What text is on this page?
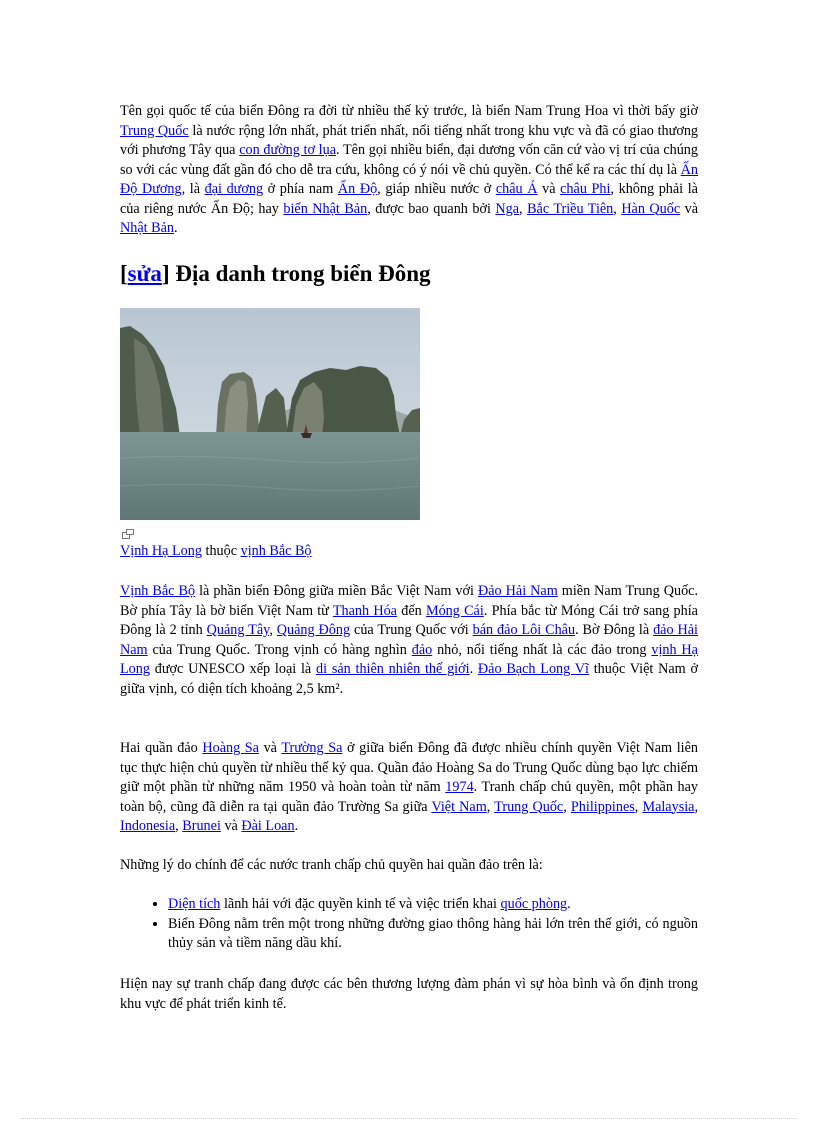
Tên gọi quốc tế của biển Đông ra đời từ nhiều thế kỷ trước, là biển Nam Trung Hoa vì thời bấy giờ Trung Quốc là nước rộng lớn nhất, phát triển nhất, nổi tiếng nhất trong khu vực và đã có giao thương với phương Tây qua con đường tơ lụa. Tên gọi nhiều biển, đại dương vốn căn cứ vào vị trí của chúng so với các vùng đất gần đó cho dễ tra cứu, không có ý nói về chủ quyền. Có thể kể ra các thí dụ là Ấn Độ Dương, là đại dương ở phía nam Ấn Độ, giáp nhiều nước ở châu Á và châu Phi, không phải là của riêng nước Ấn Độ; hay biển Nhật Bản, được bao quanh bởi Nga, Bắc Triều Tiên, Hàn Quốc và Nhật Bản.

[sửa] Địa danh trong biển Đông

Vịnh Hạ Long thuộc vịnh Bắc Bộ

Vịnh Bắc Bộ là phần biển Đông giữa miền Bắc Việt Nam với Đảo Hải Nam miền Nam Trung Quốc. Bờ phía Tây là bờ biển Việt Nam từ Thanh Hóa đến Móng Cái. Phía bắc từ Móng Cái trở sang phía Đông là 2 tỉnh Quảng Tây, Quảng Đông của Trung Quốc với bán đảo Lôi Châu. Bờ Đông là đảo Hải Nam của Trung Quốc. Trong vịnh có hàng nghìn đảo nhỏ, nổi tiếng nhất là các đảo trong vịnh Hạ Long được UNESCO xếp loại là di sản thiên nhiên thế giới. Đảo Bạch Long Vĩ thuộc Việt Nam ở giữa vịnh, có diện tích khoảng 2,5 km².

Hai quần đảo Hoàng Sa và Trường Sa ở giữa biển Đông đã được nhiều chính quyền Việt Nam liên tục thực hiện chủ quyền từ nhiều thế kỷ qua. Quần đảo Hoàng Sa do Trung Quốc dùng bạo lực chiếm giữ một phần từ những năm 1950 và hoàn toàn từ năm 1974. Tranh chấp chủ quyền, một phần hay toàn bộ, cũng đã diễn ra tại quần đảo Trường Sa giữa Việt Nam, Trung Quốc, Philippines, Malaysia, Indonesia, Brunei và Đài Loan.

Những lý do chính để các nước tranh chấp chủ quyền hai quần đảo trên là:

• Diện tích lãnh hải với đặc quyền kinh tế và việc triển khai quốc phòng.
• Biển Đông nằm trên một trong những đường giao thông hàng hải lớn trên thế giới, có nguồn thủy sản và tiềm năng dầu khí.

Hiện nay sự tranh chấp đang được các bên thương lượng đàm phán vì sự hòa bình và ổn định trong khu vực để phát triển kinh tế.
